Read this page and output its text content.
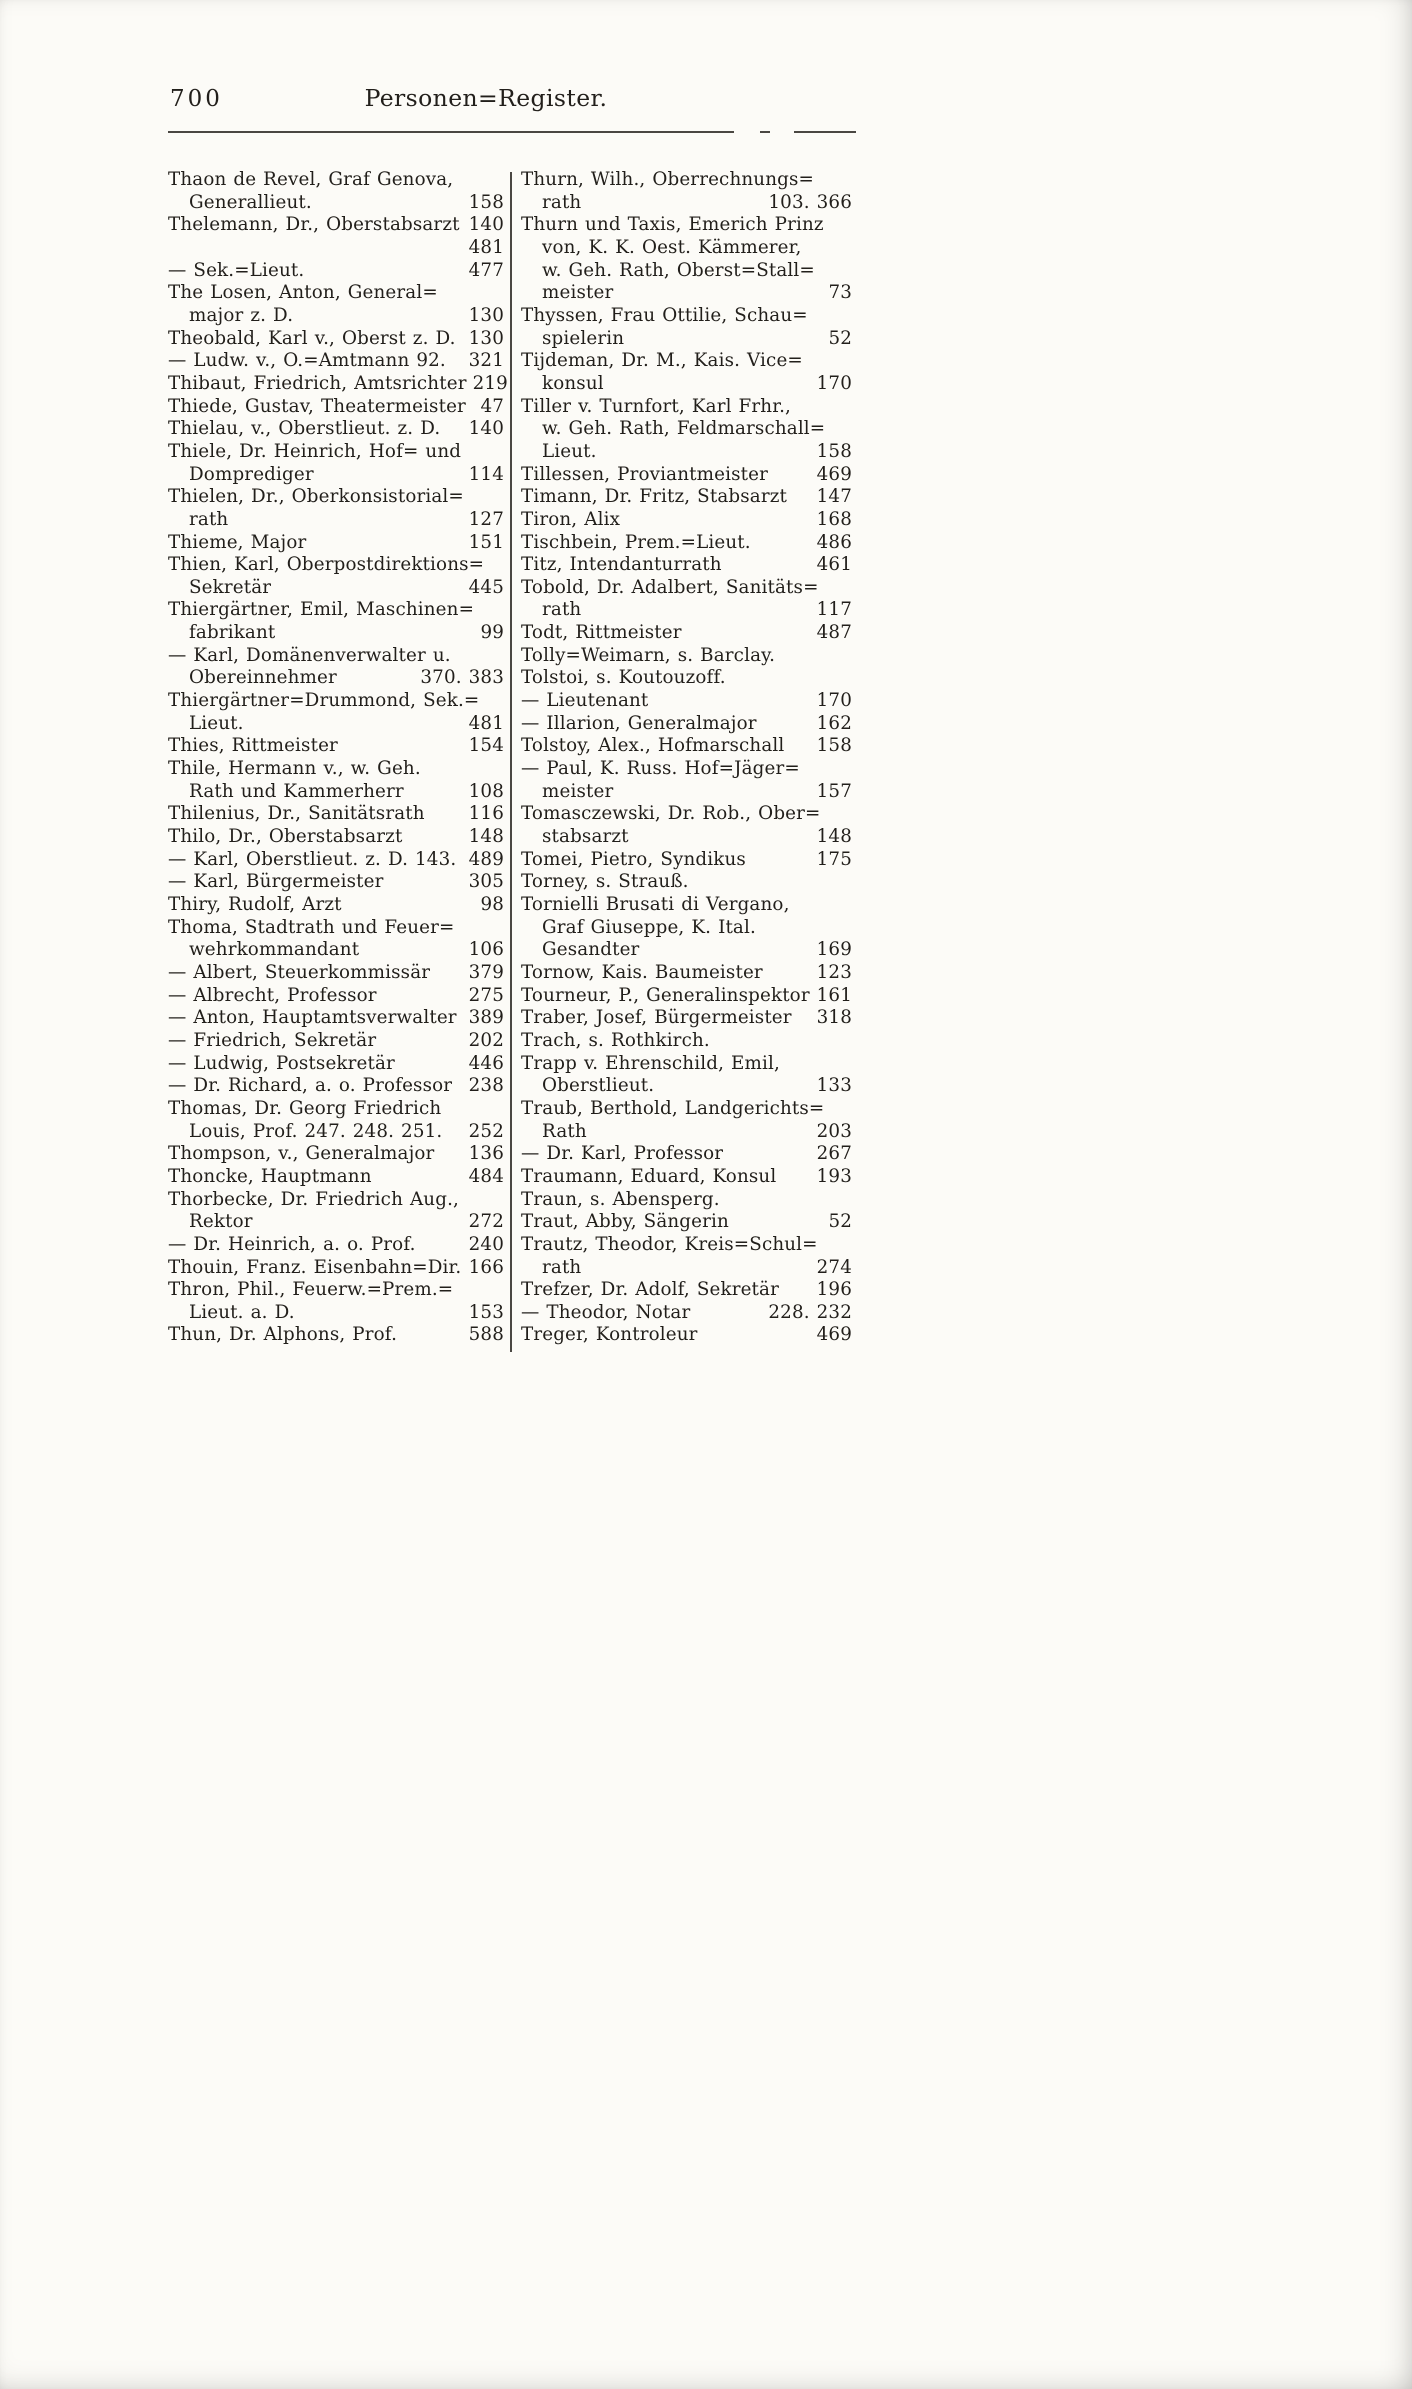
700	Personen=Register.
Thaon de Revel, Graf Genova,
Generallieut.	158
Thelemann, Dr., Oberstabsarzt 140
481
— Sek.=Lieut.	477
The Losen, Anton, General=
major z. D.	130
Theobald, Karl v., Oberst z. D. 130
— Ludw. v., O.=Amtmann 92. 321
Thibaut, Friedrich, Amtsrichter 219
Thiede, Gustav, Theatermeister 47
Thielau, v., Oberstlieut. z. D. 140
Thiele, Dr. Heinrich, Hof= und
Domprediger	114
Thielen, Dr., Oberkonsistorial=
rath	127
Thieme, Major	151
Thien, Karl, Oberpostdirektions=
Sekretär	445
Thiergärtner, Emil, Maschinen=
fabrikant	99
— Karl, Domänenverwalter u.
Obereinnehmer	370. 383
Thiergärtner=Drummond, Sek.=
Lieut.	481
Thies, Rittmeister	154
Thile, Hermann v., w. Geh.
Rath und Kammerherr	108
Thilenius, Dr., Sanitätsrath 116
Thilo, Dr., Oberstabsarzt	148
— Karl, Oberstlieut. z. D. 143. 489
— Karl, Bürgermeister	305
Thiry, Rudolf, Arzt	98
Thoma, Stadtrath und Feuer=
wehrkommandant	106
— Albert, Steuerkommissär 379
— Albrecht, Professor	275
— Anton, Hauptamtsverwalter 389
— Friedrich, Sekretär	202
— Ludwig, Postsekretär	446
— Dr. Richard, a. o. Professor 238
Thomas, Dr. Georg Friedrich
Louis, Prof. 247. 248. 251. 252
Thompson, v., Generalmajor 136
Thoncke, Hauptmann	484
Thorbecke, Dr. Friedrich Aug.,
Rektor	272
— Dr. Heinrich, a. o. Prof.	240
Thouin, Franz. Eisenbahn=Dir. 166
Thron, Phil., Feuerw.=Prem.=
Lieut. a. D.	153
Thun, Dr. Alphons, Prof.	588
Thurn, Wilh., Oberrechnungs=
rath	103. 366
Thurn und Taxis, Emerich Prinz
von, K. K. Oest. Kämmerer,
w. Geh. Rath, Oberst=Stall=
meister	73
Thyssen, Frau Ottilie, Schau=
spielerin	52
Tijdeman, Dr. M., Kais. Vice=
konsul	170
Tiller v. Turnfort, Karl Frhr.,
w. Geh. Rath, Feldmarschall=
Lieut.	158
Tillessen, Proviantmeister	469
Timann, Dr. Fritz, Stabsarzt 147
Tiron, Alix	168
Tischbein, Prem.=Lieut.	486
Titz, Intendanturrath	461
Tobold, Dr. Adalbert, Sanitäts=
rath	117
Todt, Rittmeister	487
Tolly=Weimarn, s. Barclay.
Tolstoi, s. Koutouzoff.
— Lieutenant	170
— Illarion, Generalmajor	162
Tolstoy, Alex., Hofmarschall 158
— Paul, K. Russ. Hof=Jäger=
meister	157
Tomasczewski, Dr. Rob., Ober=
stabsarzt	148
Tomei, Pietro, Syndikus	175
Torney, s. Strauß.
Tornielli Brusati di Vergano,
Graf Giuseppe, K. Ital.
Gesandter	169
Tornow, Kais. Baumeister	123
Tourneur, P., Generalinspektor 161
Traber, Josef, Bürgermeister 318
Trach, s. Rothkirch.
Trapp v. Ehrenschild, Emil,
Oberstlieut.	133
Traub, Berthold, Landgerichts=
Rath	203
— Dr. Karl, Professor	267
Traumann, Eduard, Konsul 193
Traun, s. Abensperg.
Traut, Abby, Sängerin	52
Trautz, Theodor, Kreis=Schul=
rath	274
Trefzer, Dr. Adolf, Sekretär 196
— Theodor, Notar	228. 232
Treger, Kontroleur	469
